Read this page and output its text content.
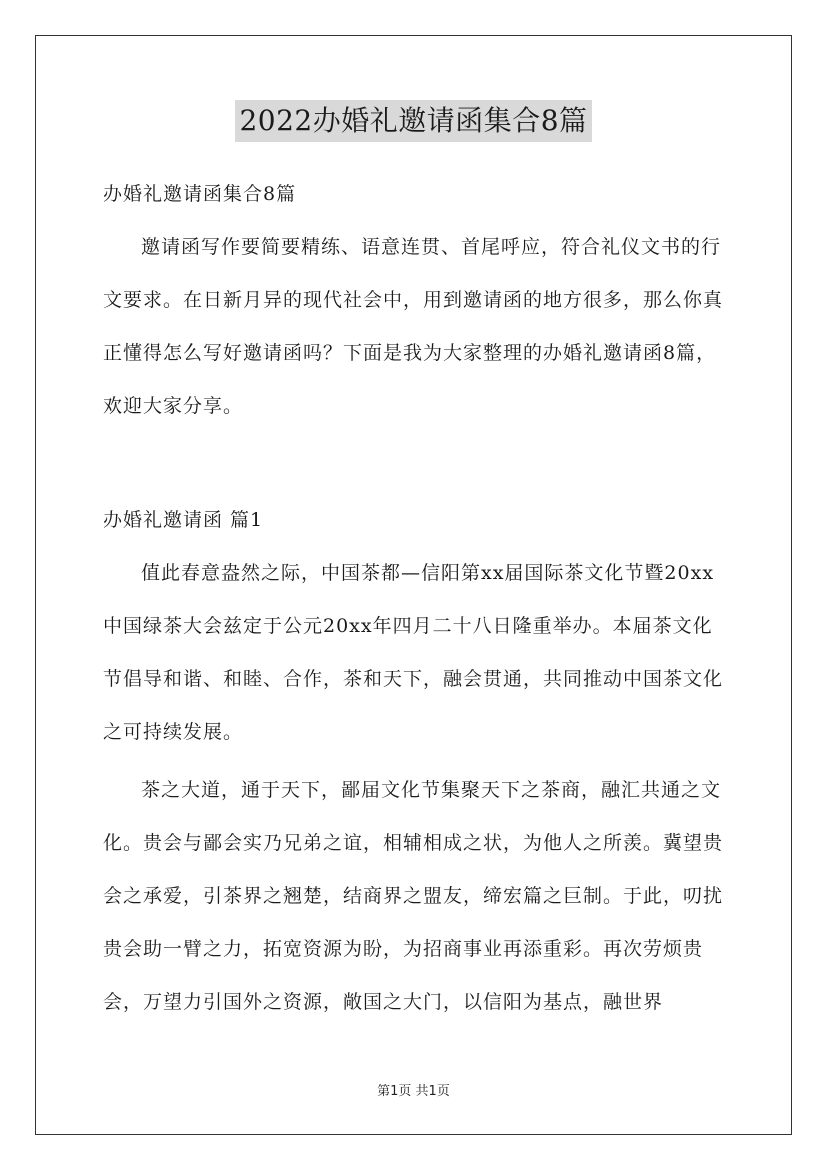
2022办婚礼邀请函集合8篇
办婚礼邀请函集合8篇

邀请函写作要简要精练、语意连贯、首尾呼应，符合礼仪文书的行文要求。在日新月异的现代社会中，用到邀请函的地方很多，那么你真正懂得怎么写好邀请函吗？下面是我为大家整理的办婚礼邀请函8篇，欢迎大家分享。

办婚礼邀请函 篇1

值此春意盎然之际，中国茶都—信阳第xx届国际茶文化节暨20xx中国绿茶大会兹定于公元20xx年四月二十八日隆重举办。本届茶文化节倡导和谐、和睦、合作，茶和天下，融会贯通，共同推动中国茶文化之可持续发展。

茶之大道，通于天下，鄙届文化节集聚天下之茶商，融汇共通之文化。贵会与鄙会实乃兄弟之谊，相辅相成之状，为他人之所羡。冀望贵会之承爱，引茶界之翘楚，结商界之盟友，缔宏篇之巨制。于此，叨扰贵会助一臂之力，拓宽资源为盼，为招商事业再添重彩。再次劳烦贵会，万望力引国外之资源，敞国之大门，以信阳为基点，融世界

第1页 共1页
